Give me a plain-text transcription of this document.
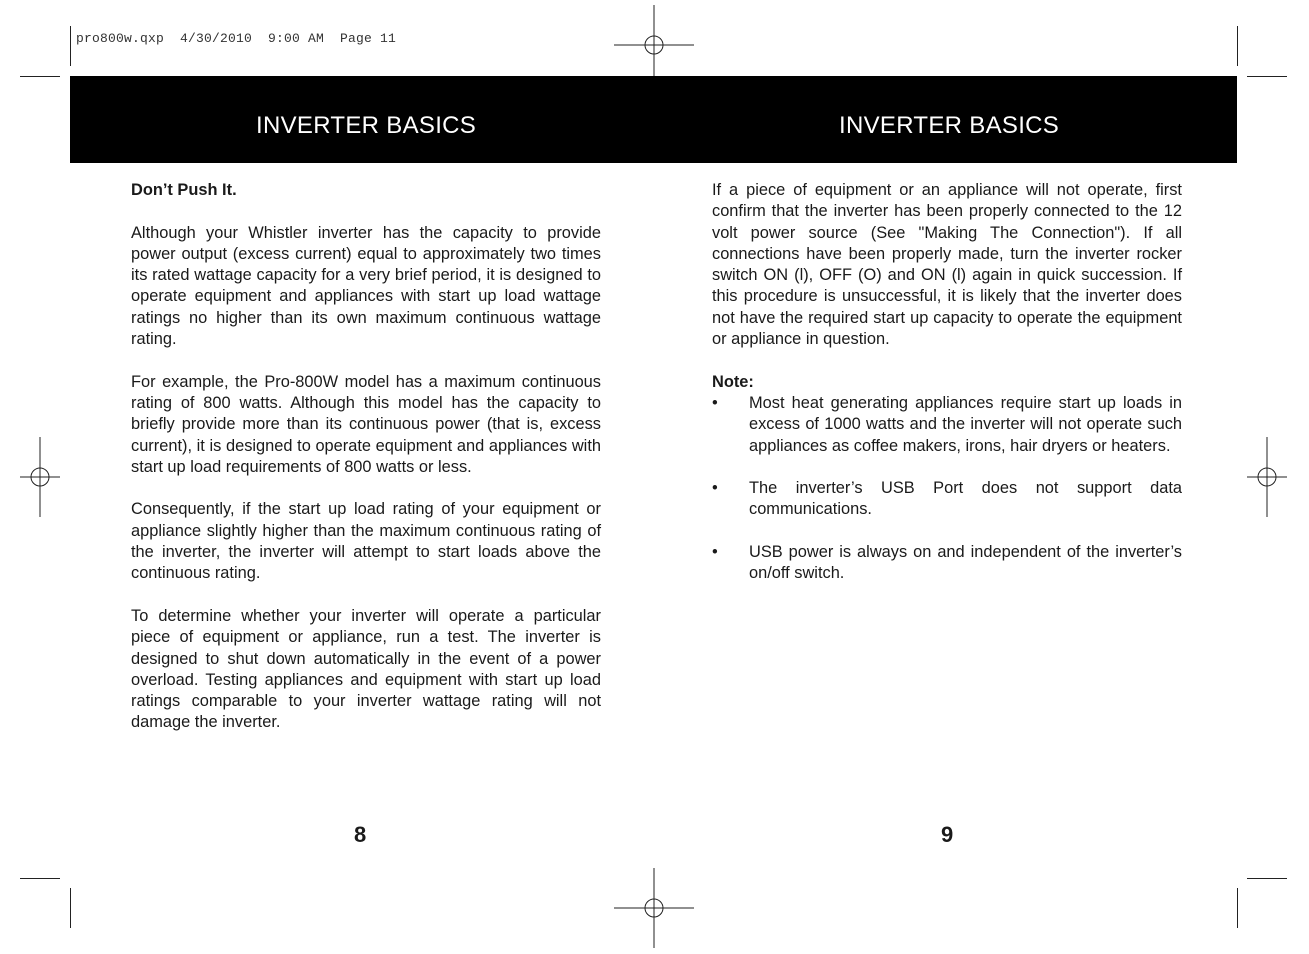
pro800w.qxp  4/30/2010  9:00 AM  Page 11
INVERTER BASICS	INVERTER BASICS

Don’t Push It.

Although your Whistler inverter has the capacity to provide power output (excess current) equal to approximately two times its rated wattage capacity for a very brief period, it is designed to operate equipment and appliances with start up load wattage ratings no higher than its own maximum continuous wattage rating.

For example, the Pro-800W model has a maximum continuous rating of 800 watts. Although this model has the capacity to briefly provide more than its continuous power (that is, excess current), it is designed to operate equipment and appliances with start up load requirements of 800 watts or less.

Consequently, if the start up load rating of your equipment or appliance slightly higher than the maximum continuous rating of the inverter, the inverter will attempt to start loads above the continuous rating.

To determine whether your inverter will operate a particular piece of equipment or appliance, run a test. The inverter is designed to shut down automatically in the event of a power overload. Testing appliances and equipment with start up load ratings comparable to your inverter wattage rating will not damage the inverter.

If a piece of equipment or an appliance will not operate, first confirm that the inverter has been properly connected to the 12 volt power source (See "Making The Connection"). If all connections have been properly made, turn the inverter rocker switch ON (l), OFF (O) and ON (l) again in quick succession. If this procedure is unsuccessful, it is likely that the inverter does not have the required start up capacity to operate the equipment or appliance in question.

Note:
• Most heat generating appliances require start up loads in excess of 1000 watts and the inverter will not operate such appliances as coffee makers, irons, hair dryers or heaters.
• The inverter’s USB Port does not support data communications.
• USB power is always on and independent of the inverter’s on/off switch.
8	9
